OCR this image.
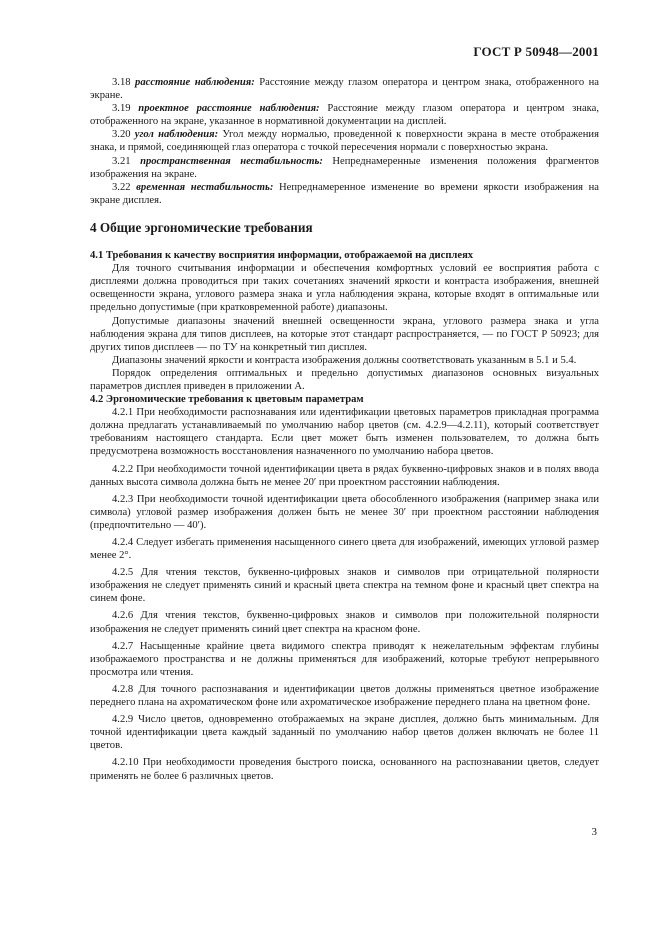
ГОСТ Р 50948—2001

3.18 расстояние наблюдения: Расстояние между глазом оператора и центром знака, отображенного на экране.

3.19 проектное расстояние наблюдения: Расстояние между глазом оператора и центром знака, отображенного на экране, указанное в нормативной документации на дисплей.

3.20 угол наблюдения: Угол между нормалью, проведенной к поверхности экрана в месте отображения знака, и прямой, соединяющей глаз оператора с точкой пересечения нормали с поверхностью экрана.

3.21 пространственная нестабильность: Непреднамеренные изменения положения фрагментов изображения на экране.

3.22 временная нестабильность: Непреднамеренное изменение во времени яркости изображения на экране дисплея.

4 Общие эргономические требования

4.1 Требования к качеству восприятия информации, отображаемой на дисплеях

Для точного считывания информации и обеспечения комфортных условий ее восприятия работа с дисплеями должна проводиться при таких сочетаниях значений яркости и контраста изображения, внешней освещенности экрана, углового размера знака и угла наблюдения экрана, которые входят в оптимальные или предельно допустимые (при кратковременной работе) диапазоны.

Допустимые диапазоны значений внешней освещенности экрана, углового размера знака и угла наблюдения экрана для типов дисплеев, на которые этот стандарт распространяется, — по ГОСТ Р 50923; для других типов дисплеев — по ТУ на конкретный тип дисплея.

Диапазоны значений яркости и контраста изображения должны соответствовать указанным в 5.1 и 5.4.

Порядок определения оптимальных и предельно допустимых диапазонов основных визуальных параметров дисплея приведен в приложении А.

4.2 Эргономические требования к цветовым параметрам

4.2.1 При необходимости распознавания или идентификации цветовых параметров прикладная программа должна предлагать устанавливаемый по умолчанию набор цветов (см. 4.2.9—4.2.11), который соответствует требованиям настоящего стандарта. Если цвет может быть изменен пользователем, то должна быть предусмотрена возможность восстановления назначенного по умолчанию набора цветов.

4.2.2 При необходимости точной идентификации цвета в рядах буквенно-цифровых знаков и в полях ввода данных высота символа должна быть не менее 20′ при проектном расстоянии наблюдения.

4.2.3 При необходимости точной идентификации цвета обособленного изображения (например знака или символа) угловой размер изображения должен быть не менее 30′ при проектном расстоянии наблюдения (предпочтительно — 40′).

4.2.4 Следует избегать применения насыщенного синего цвета для изображений, имеющих угловой размер менее 2°.

4.2.5 Для чтения текстов, буквенно-цифровых знаков и символов при отрицательной полярности изображения не следует применять синий и красный цвета спектра на темном фоне и красный цвет спектра на синем фоне.

4.2.6 Для чтения текстов, буквенно-цифровых знаков и символов при положительной полярности изображения не следует применять синий цвет спектра на красном фоне.

4.2.7 Насыщенные крайние цвета видимого спектра приводят к нежелательным эффектам глубины изображаемого пространства и не должны применяться для изображений, которые требуют непрерывного просмотра или чтения.

4.2.8 Для точного распознавания и идентификации цветов должны применяться цветное изображение переднего плана на ахроматическом фоне или ахроматическое изображение переднего плана на цветном фоне.

4.2.9 Число цветов, одновременно отображаемых на экране дисплея, должно быть минимальным. Для точной идентификации цвета каждый заданный по умолчанию набор цветов должен включать не более 11 цветов.

4.2.10 При необходимости проведения быстрого поиска, основанного на распознавании цветов, следует применять не более 6 различных цветов.

3
